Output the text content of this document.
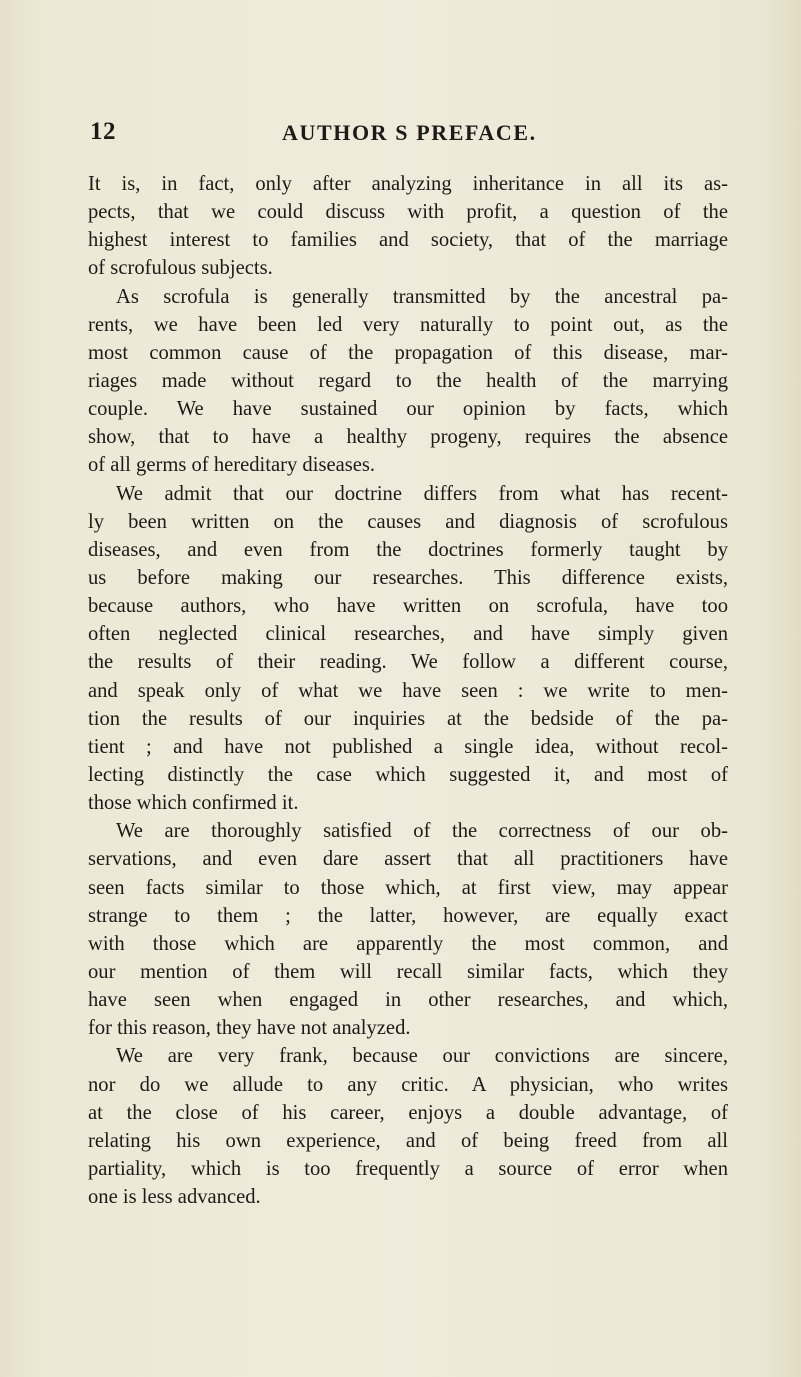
12	AUTHOR S PREFACE.
It is, in fact, only after analyzing inheritance in all its as-
pects, that we could discuss with profit, a question of the
highest interest to families and society, that of the marriage
of scrofulous subjects.
As scrofula is generally transmitted by the ancestral pa-
rents, we have been led very naturally to point out, as the
most common cause of the propagation of this disease, mar-
riages made without regard to the health of the marrying
couple. We have sustained our opinion by facts, which
show, that to have a healthy progeny, requires the absence
of all germs of hereditary diseases.
We admit that our doctrine differs from what has recent-
ly been written on the causes and diagnosis of scrofulous
diseases, and even from the doctrines formerly taught by
us before making our researches. This difference exists,
because authors, who have written on scrofula, have too
often neglected clinical researches, and have simply given
the results of their reading. We follow a different course,
and speak only of what we have seen : we write to men-
tion the results of our inquiries at the bedside of the pa-
tient ; and have not published a single idea, without recol-
lecting distinctly the case which suggested it, and most of
those which confirmed it.
We are thoroughly satisfied of the correctness of our ob-
servations, and even dare assert that all practitioners have
seen facts similar to those which, at first view, may appear
strange to them ; the latter, however, are equally exact
with those which are apparently the most common, and
our mention of them will recall similar facts, which they
have seen when engaged in other researches, and which,
for this reason, they have not analyzed.
We are very frank, because our convictions are sincere,
nor do we allude to any critic. A physician, who writes
at the close of his career, enjoys a double advantage, of
relating his own experience, and of being freed from all
partiality, which is too frequently a source of error when
one is less advanced.
